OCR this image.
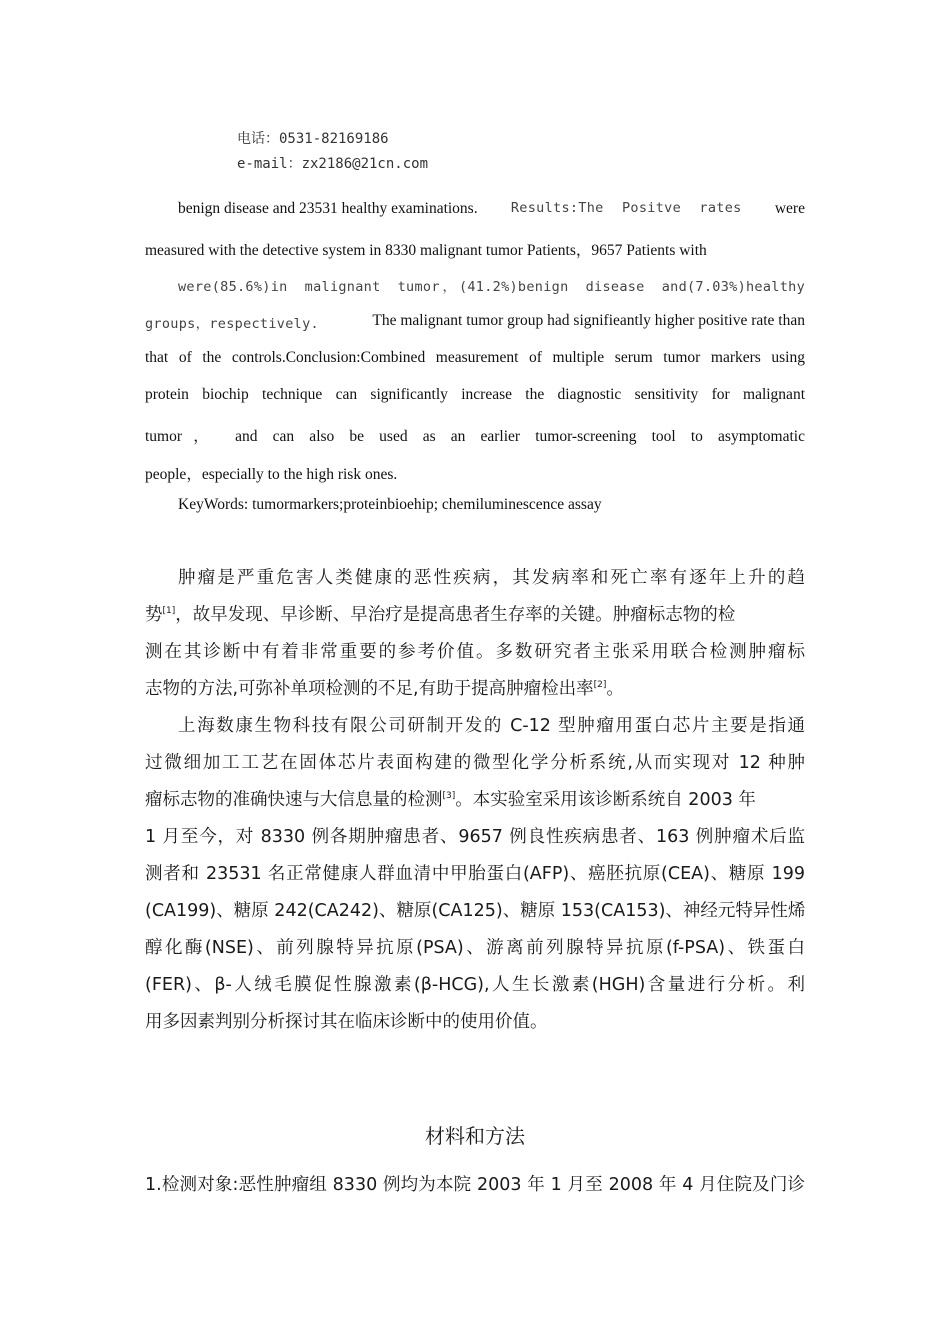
电话：0531-82169186
e-mail：zx2186@21cn.com
benign disease and 23531 healthy examinations. Results:The Positve rates were
measured with the detective system in 8330 malignant tumor Patients，9657 Patients with
were(85.6%)in malignant tumor，(41.2%)benign disease and(7.03%)healthy
groups，respectively.	The malignant tumor group had signifieantly higher positive rate than
that of the controls.Conclusion:Combined measurement of multiple serum tumor markers using
protein biochip technique can significantly increase the diagnostic sensitivity for malignant
tumor， and can also be used as an earlier tumor-screening tool to asymptomatic
people，especially to the high risk ones.
KeyWords: tumormarkers;proteinbioehip; chemiluminescence assay
肿瘤是严重危害人类健康的恶性疾病，其发病率和死亡率有逐年上升的趋
势[1]，故早发现、早诊断、早治疗是提高患者生存率的关键。肿瘤标志物的检
测在其诊断中有着非常重要的参考价值。多数研究者主张采用联合检测肿瘤标
志物的方法,可弥补单项检测的不足,有助于提高肿瘤检出率[2]。
上海数康生物科技有限公司研制开发的 C-12 型肿瘤用蛋白芯片主要是指通
过微细加工工艺在固体芯片表面构建的微型化学分析系统,从而实现对 12 种肿
瘤标志物的准确快速与大信息量的检测[3]。本实验室采用该诊断系统自 2003 年
1 月至今，对 8330 例各期肿瘤患者、9657 例良性疾病患者、163 例肿瘤术后监
测者和 23531 名正常健康人群血清中甲胎蛋白(AFP)、癌胚抗原(CEA)、糖原 199
(CA199)、糖原 242(CA242)、糖原(CA125)、糖原 153(CA153)、神经元特异性烯
醇化酶(NSE)、前列腺特异抗原(PSA)、游离前列腺特异抗原(f-PSA)、铁蛋白
(FER)、β-人绒毛膜促性腺激素(β-HCG),人生长激素(HGH)含量进行分析。利
用多因素判别分析探讨其在临床诊断中的使用价值。
材料和方法
1.检测对象:恶性肿瘤组 8330 例均为本院 2003 年 1 月至 2008 年 4 月住院及门诊
